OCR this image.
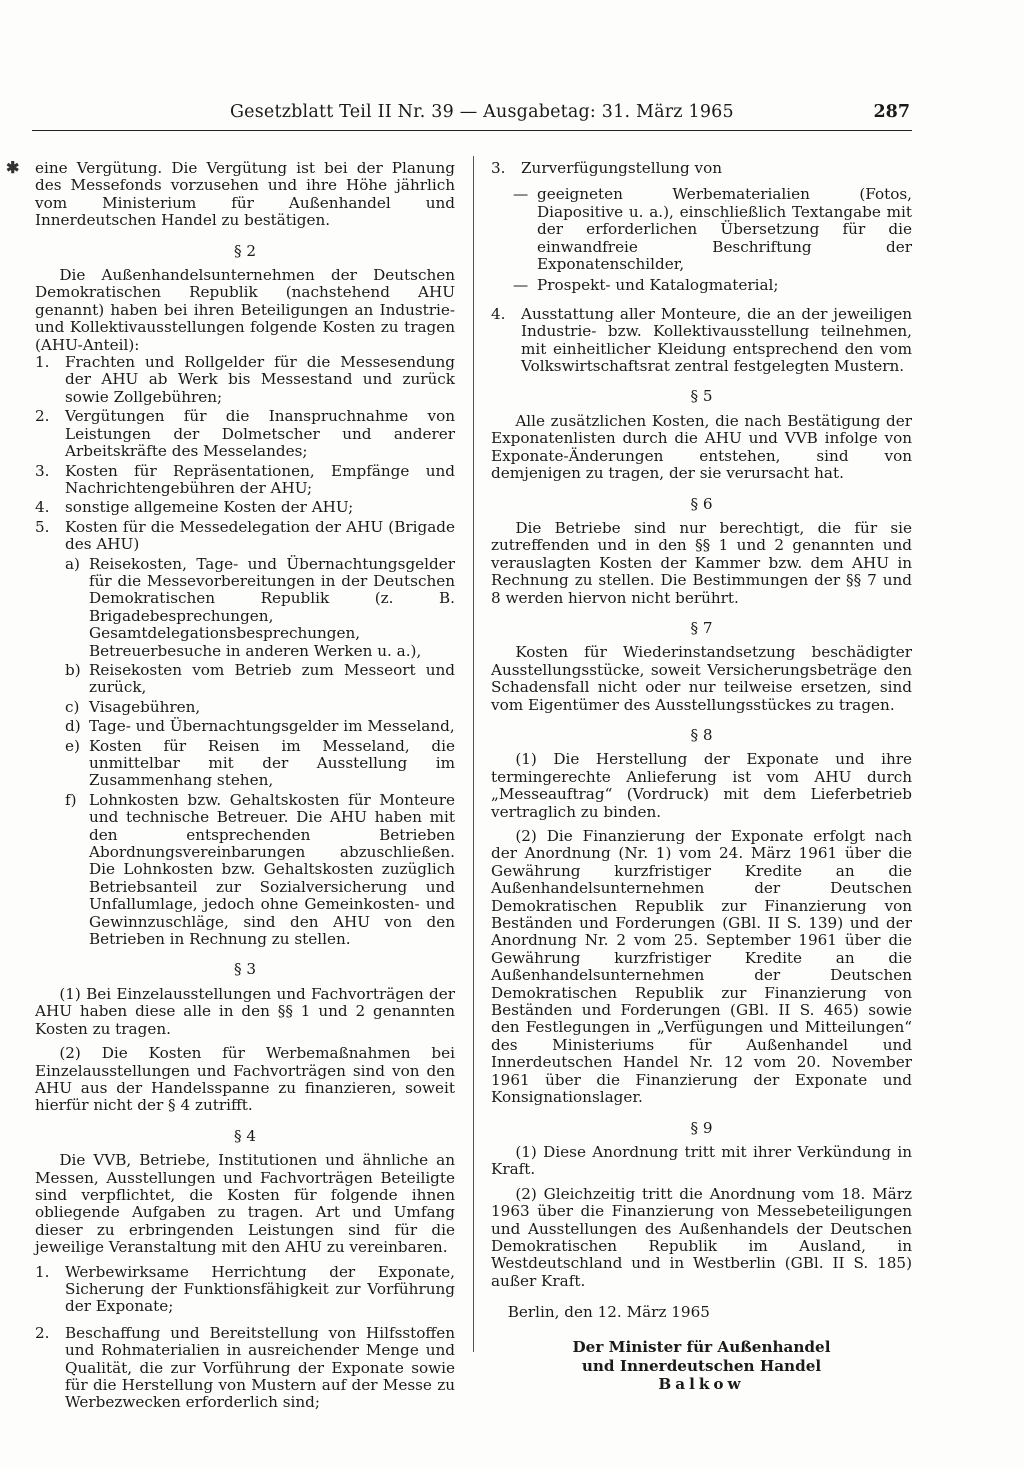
Gesetzblatt Teil II Nr. 39 — Ausgabetag: 31. März 1965	287
✱ eine Vergütung. Die Vergütung ist bei der Planung des Messefonds vorzusehen und ihre Höhe jährlich vom Ministerium für Außenhandel und Innerdeutschen Handel zu bestätigen.

§ 2

Die Außenhandelsunternehmen der Deutschen Demokratischen Republik (nachstehend AHU genannt) haben bei ihren Beteiligungen an Industrie- und Kollektivausstellungen folgende Kosten zu tragen (AHU-Anteil):

1.	Frachten und Rollgelder für die Messesendung der AHU ab Werk bis Messestand und zurück sowie Zollgebühren;
2.	Vergütungen für die Inanspruchnahme von Leistungen der Dolmetscher und anderer Arbeitskräfte des Messelandes;
3.	Kosten für Repräsentationen, Empfänge und Nachrichtengebühren der AHU;
4.	sonstige allgemeine Kosten der AHU;
5.	Kosten für die Messedelegation der AHU (Brigade des AHU)
a) Reisekosten, Tage- und Übernachtungsgelder für die Messevorbereitungen in der Deutschen Demokratischen Republik (z. B. Brigadebesprechungen, Gesamtdelegationsbesprechungen, Betreuerbesuche in anderen Werken u. a.),
b) Reisekosten vom Betrieb zum Messeort und zurück,
c) Visagebühren,
d) Tage- und Übernachtungsgelder im Messeland,
e) Kosten für Reisen im Messeland, die unmittelbar mit der Ausstellung im Zusammenhang stehen,
f) Lohnkosten bzw. Gehaltskosten für Monteure und technische Betreuer. Die AHU haben mit den entsprechenden Betrieben Abordnungsvereinbarungen abzuschließen. Die Lohnkosten bzw. Gehaltskosten zuzüglich Betriebsanteil zur Sozialversicherung und Unfallumlage, jedoch ohne Gemeinkosten- und Gewinnzuschläge, sind den AHU von den Betrieben in Rechnung zu stellen.
§ 3

(1) Bei Einzelausstellungen und Fachvorträgen der AHU haben diese alle in den §§ 1 und 2 genannten Kosten zu tragen.

(2) Die Kosten für Werbemaßnahmen bei Einzelausstellungen und Fachvorträgen sind von den AHU aus der Handelsspanne zu finanzieren, soweit hierfür nicht der § 4 zutrifft.

§ 4

Die VVB, Betriebe, Institutionen und ähnliche an Messen, Ausstellungen und Fachvorträgen Beteiligte sind verpflichtet, die Kosten für folgende ihnen obliegende Aufgaben zu tragen. Art und Umfang dieser zu erbringenden Leistungen sind für die jeweilige Veranstaltung mit den AHU zu vereinbaren.

1.	Werbewirksame Herrichtung der Exponate, Sicherung der Funktionsfähigkeit zur Vorführung der Exponate;
2.	Beschaffung und Bereitstellung von Hilfsstoffen und Rohmaterialien in ausreichender Menge und Qualität, die zur Vorführung der Exponate sowie für die Herstellung von Mustern auf der Messe zu Werbezwecken erforderlich sind;
3.	Zurverfügungstellung von
— geeigneten Werbematerialien (Fotos, Diapositive u. a.), einschließlich Textangabe mit der erforderlichen Übersetzung für die einwandfreie Beschriftung der Exponatenschilder,
— Prospekt- und Katalogmaterial;
4.	Ausstattung aller Monteure, die an der jeweiligen Industrie- bzw. Kollektivausstellung teilnehmen, mit einheitlicher Kleidung entsprechend den vom Volkswirtschaftsrat zentral festgelegten Mustern.
§ 5

Alle zusätzlichen Kosten, die nach Bestätigung der Exponatenlisten durch die AHU und VVB infolge von Exponate-Änderungen entstehen, sind von demjenigen zu tragen, der sie verursacht hat.

§ 6

Die Betriebe sind nur berechtigt, die für sie zutreffenden und in den §§ 1 und 2 genannten und verauslagten Kosten der Kammer bzw. dem AHU in Rechnung zu stellen. Die Bestimmungen der §§ 7 und 8 werden hiervon nicht berührt.

§ 7

Kosten für Wiederinstandsetzung beschädigter Ausstellungsstücke, soweit Versicherungsbeträge den Schadensfall nicht oder nur teilweise ersetzen, sind vom Eigentümer des Ausstellungsstückes zu tragen.

§ 8

(1) Die Herstellung der Exponate und ihre termingerechte Anlieferung ist vom AHU durch „Messeauftrag“ (Vordruck) mit dem Lieferbetrieb vertraglich zu binden.

(2) Die Finanzierung der Exponate erfolgt nach der Anordnung (Nr. 1) vom 24. März 1961 über die Gewährung kurzfristiger Kredite an die Außenhandelsunternehmen der Deutschen Demokratischen Republik zur Finanzierung von Beständen und Forderungen (GBl. II S. 139) und der Anordnung Nr. 2 vom 25. September 1961 über die Gewährung kurzfristiger Kredite an die Außenhandelsunternehmen der Deutschen Demokratischen Republik zur Finanzierung von Beständen und Forderungen (GBl. II S. 465) sowie den Festlegungen in „Verfügungen und Mitteilungen“ des Ministeriums für Außenhandel und Innerdeutschen Handel Nr. 12 vom 20. November 1961 über die Finanzierung der Exponate und Konsignationslager.

§ 9

(1) Diese Anordnung tritt mit ihrer Verkündung in Kraft.

(2) Gleichzeitig tritt die Anordnung vom 18. März 1963 über die Finanzierung von Messebeteiligungen und Ausstellungen des Außenhandels der Deutschen Demokratischen Republik im Ausland, in Westdeutschland und in Westberlin (GBl. II S. 185) außer Kraft.

Berlin, den 12. März 1965

Der Minister für Außenhandel
und Innerdeutschen Handel
Balkow
